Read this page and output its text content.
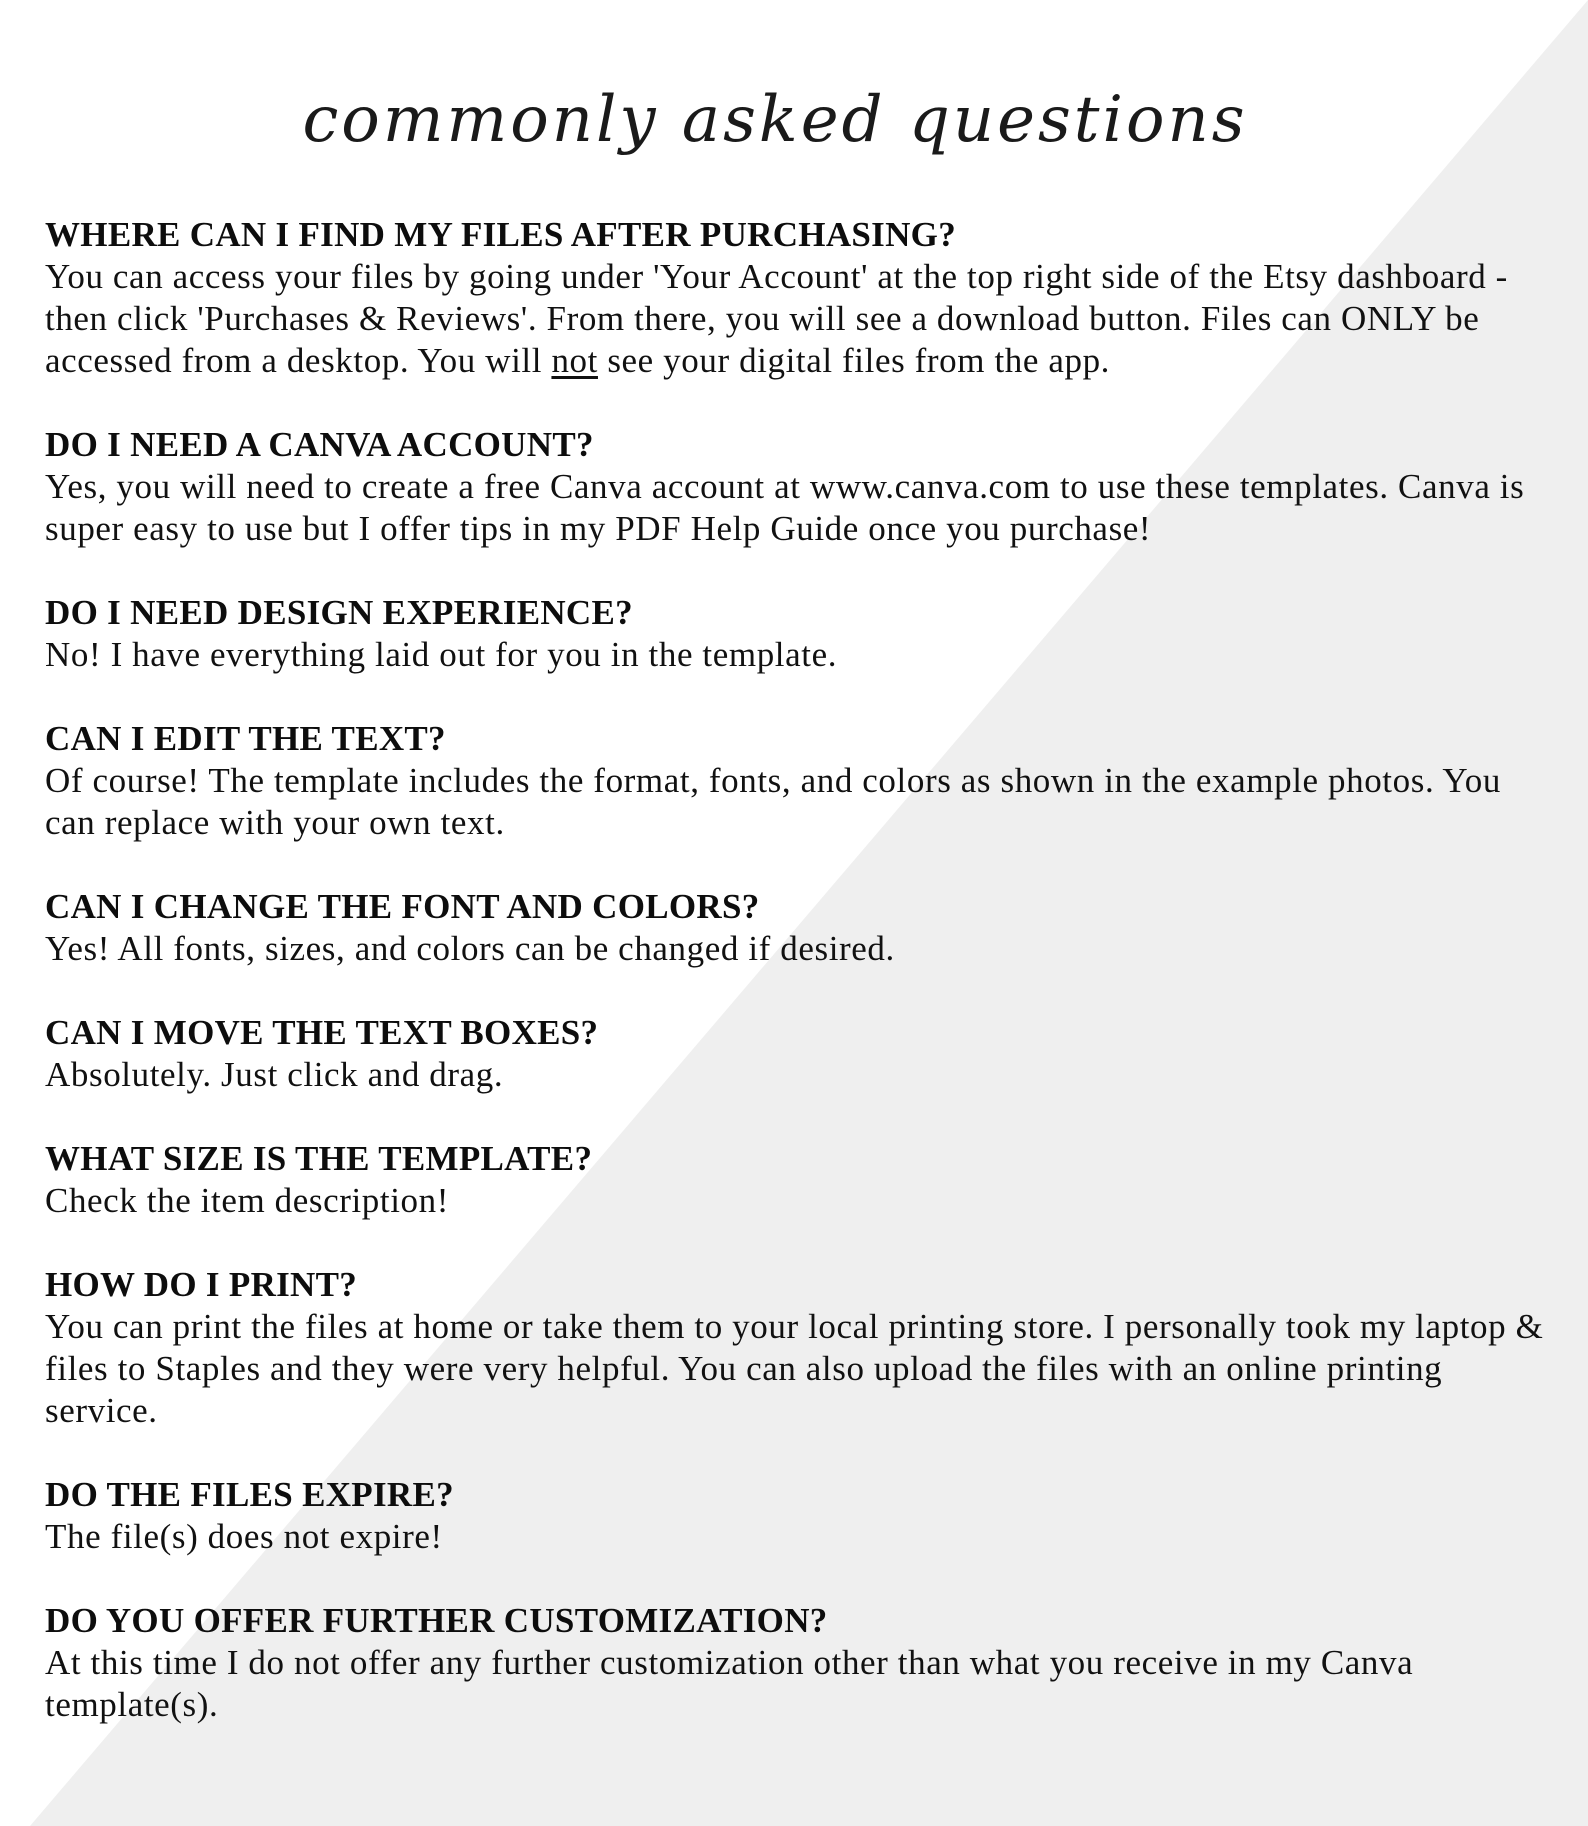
commonly asked questions

WHERE CAN I FIND MY FILES AFTER PURCHASING?

You can access your files by going under 'Your Account' at the top right side of the Etsy dashboard - then click 'Purchases & Reviews'. From there, you will see a download button. Files can ONLY be accessed from a desktop. You will not see your digital files from the app.

DO I NEED A CANVA ACCOUNT?

Yes, you will need to create a free Canva account at www.canva.com to use these templates. Canva is super easy to use but I offer tips in my PDF Help Guide once you purchase!

DO I NEED DESIGN EXPERIENCE?

No! I have everything laid out for you in the template.

CAN I EDIT THE TEXT?

Of course! The template includes the format, fonts, and colors as shown in the example photos. You can replace with your own text.

CAN I CHANGE THE FONT AND COLORS?

Yes! All fonts, sizes, and colors can be changed if desired.

CAN I MOVE THE TEXT BOXES?

Absolutely. Just click and drag.

WHAT SIZE IS THE TEMPLATE?

Check the item description!

HOW DO I PRINT?

You can print the files at home or take them to your local printing store. I personally took my laptop & files to Staples and they were very helpful. You can also upload the files with an online printing service.

DO THE FILES EXPIRE?

The file(s) does not expire!

DO YOU OFFER FURTHER CUSTOMIZATION?

At this time I do not offer any further customization other than what you receive in my Canva template(s).
